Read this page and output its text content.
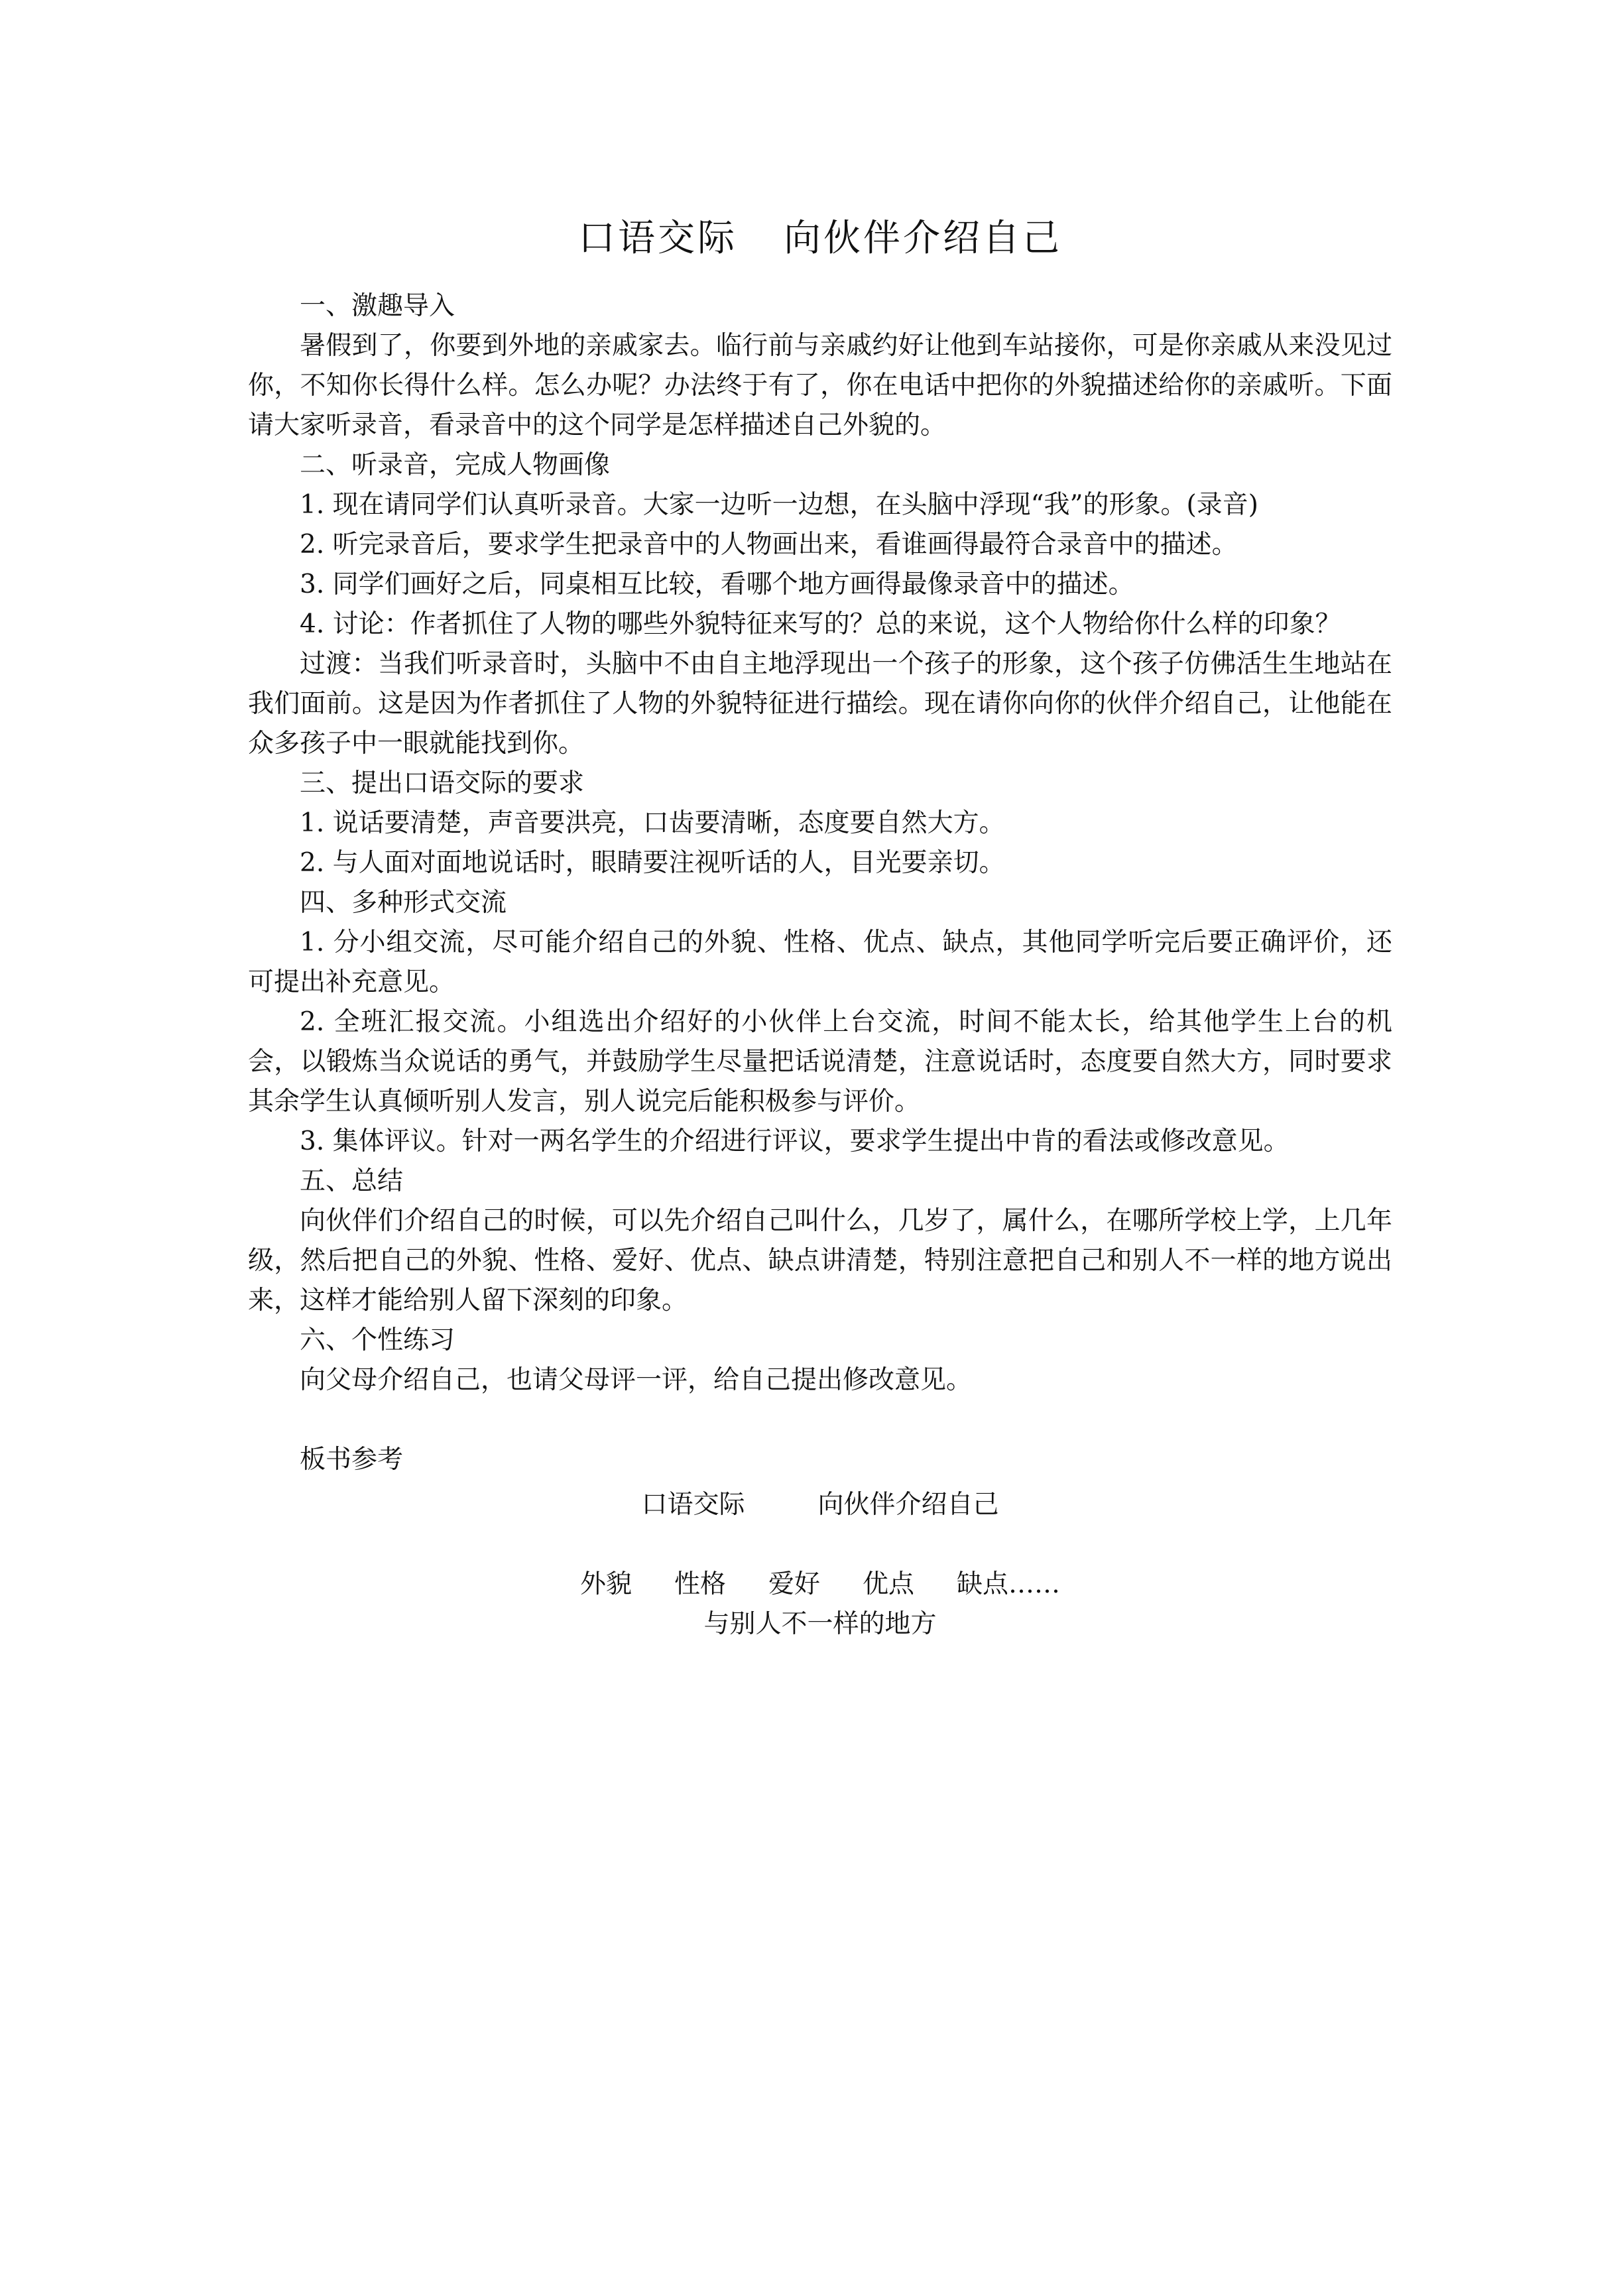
口语交际 向伙伴介绍自己

一、激趣导入

暑假到了，你要到外地的亲戚家去。临行前与亲戚约好让他到车站接你，可是你亲戚从来没见过你，不知你长得什么样。怎么办呢？办法终于有了，你在电话中把你的外貌描述给你的亲戚听。下面请大家听录音，看录音中的这个同学是怎样描述自己外貌的。

二、听录音，完成人物画像

1. 现在请同学们认真听录音。大家一边听一边想，在头脑中浮现“我”的形象。(录音)

2. 听完录音后，要求学生把录音中的人物画出来，看谁画得最符合录音中的描述。

3. 同学们画好之后，同桌相互比较，看哪个地方画得最像录音中的描述。

4. 讨论：作者抓住了人物的哪些外貌特征来写的？总的来说，这个人物给你什么样的印象？

过渡：当我们听录音时，头脑中不由自主地浮现出一个孩子的形象，这个孩子仿佛活生生地站在我们面前。这是因为作者抓住了人物的外貌特征进行描绘。现在请你向你的伙伴介绍自己，让他能在众多孩子中一眼就能找到你。

三、提出口语交际的要求

1. 说话要清楚，声音要洪亮，口齿要清晰，态度要自然大方。

2. 与人面对面地说话时，眼睛要注视听话的人，目光要亲切。

四、多种形式交流

1. 分小组交流，尽可能介绍自己的外貌、性格、优点、缺点，其他同学听完后要正确评价，还可提出补充意见。

2. 全班汇报交流。小组选出介绍好的小伙伴上台交流，时间不能太长，给其他学生上台的机会，以锻炼当众说话的勇气，并鼓励学生尽量把话说清楚，注意说话时，态度要自然大方，同时要求其余学生认真倾听别人发言，别人说完后能积极参与评价。

3. 集体评议。针对一两名学生的介绍进行评议，要求学生提出中肯的看法或修改意见。

五、总结

向伙伴们介绍自己的时候，可以先介绍自己叫什么，几岁了，属什么，在哪所学校上学，上几年级，然后把自己的外貌、性格、爱好、优点、缺点讲清楚，特别注意把自己和别人不一样的地方说出来，这样才能给别人留下深刻的印象。

六、个性练习

向父母介绍自己，也请父母评一评，给自己提出修改意见。

板书参考

口语交际	向伙伴介绍自己
外貌 性格 爱好 优点 缺点……
与别人不一样的地方
